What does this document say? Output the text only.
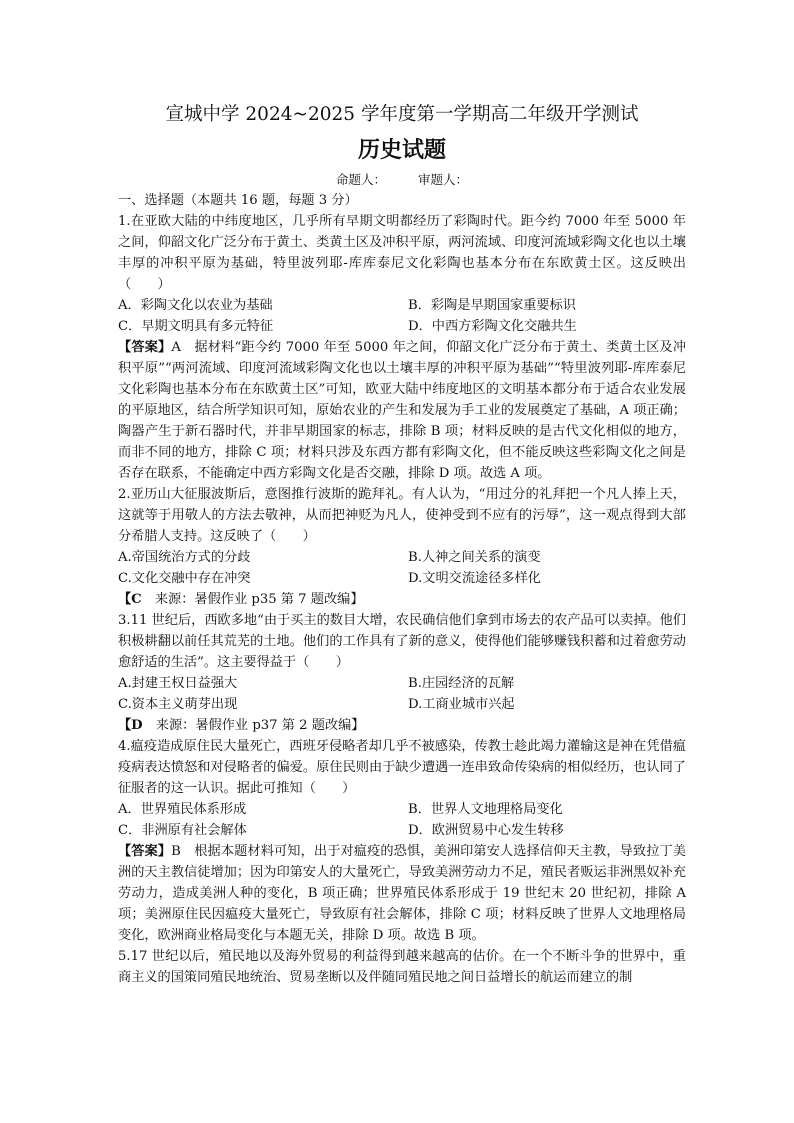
宣城中学 2024~2025 学年度第一学期高二年级开学测试
历史试题
命题人：	审题人：
一、选择题（本题共 16 题，每题 3 分）

1.在亚欧大陆的中纬度地区，几乎所有早期文明都经历了彩陶时代。距今约 7000 年至 5000 年之间，仰韶文化广泛分布于黄土、类黄土区及冲积平原，两河流域、印度河流域彩陶文化也以土壤丰厚的冲积平原为基础，特里波列耶-库库泰尼文化彩陶也基本分布在东欧黄土区。这反映出（　　）

A．彩陶文化以农业为基础	B．彩陶是早期国家重要标识
C．早期文明具有多元特征	D．中西方彩陶文化交融共生

【答案】A　据材料“距今约 7000 年至 5000 年之间，仰韶文化广泛分布于黄土、类黄土区及冲积平原”“两河流域、印度河流域彩陶文化也以土壤丰厚的冲积平原为基础”“特里波列耶-库库泰尼文化彩陶也基本分布在东欧黄土区”可知，欧亚大陆中纬度地区的文明基本都分布于适合农业发展的平原地区，结合所学知识可知，原始农业的产生和发展为手工业的发展奠定了基础，A 项正确；陶器产生于新石器时代，并非早期国家的标志，排除 B 项；材料反映的是古代文化相似的地方，而非不同的地方，排除 C 项；材料只涉及东西方都有彩陶文化，但不能反映这些彩陶文化之间是否存在联系，不能确定中西方彩陶文化是否交融，排除 D 项。故选 A 项。

2.亚历山大征服波斯后，意图推行波斯的跪拜礼。有人认为，“用过分的礼拜把一个凡人捧上天，这就等于用敬人的方法去敬神，从而把神贬为凡人，使神受到不应有的污辱”，这一观点得到大部分希腊人支持。这反映了（　　）

A.帝国统治方式的分歧	B.人神之间关系的演变
C.文化交融中存在冲突	D.文明交流途径多样化

【C　来源：暑假作业 p35 第 7 题改编】

3.11 世纪后，西欧多地“由于买主的数目大增，农民确信他们拿到市场去的农产品可以卖掉。他们积极耕翻以前任其荒芜的土地。他们的工作具有了新的意义，使得他们能够赚钱积蓄和过着愈劳动愈舒适的生活”。这主要得益于（　　）

A.封建王权日益强大	B.庄园经济的瓦解
C.资本主义萌芽出现	D.工商业城市兴起

【D　来源：暑假作业 p37 第 2 题改编】

4.瘟疫造成原住民大量死亡，西班牙侵略者却几乎不被感染，传教士趁此竭力灌输这是神在凭借瘟疫病表达愤怒和对侵略者的偏爱。原住民则由于缺少遭遇一连串致命传染病的相似经历，也认同了征服者的这一认识。据此可推知（　　）

A．世界殖民体系形成	B．世界人文地理格局变化
C．非洲原有社会解体	D．欧洲贸易中心发生转移

【答案】B　根据本题材料可知，出于对瘟疫的恐惧，美洲印第安人选择信仰天主教，导致拉丁美洲的天主教信徒增加；因为印第安人的大量死亡，导致美洲劳动力不足，殖民者贩运非洲黑奴补充劳动力，造成美洲人种的变化，B 项正确；世界殖民体系形成于 19 世纪末 20 世纪初，排除 A 项；美洲原住民因瘟疫大量死亡，导致原有社会解体，排除 C 项；材料反映了世界人文地理格局变化，欧洲商业格局变化与本题无关，排除 D 项。故选 B 项。

5.17 世纪以后，殖民地以及海外贸易的利益得到越来越高的估价。在一个不断斗争的世界中，重商主义的国策同殖民地统治、贸易垄断以及伴随同殖民地之间日益增长的航运而建立的制
